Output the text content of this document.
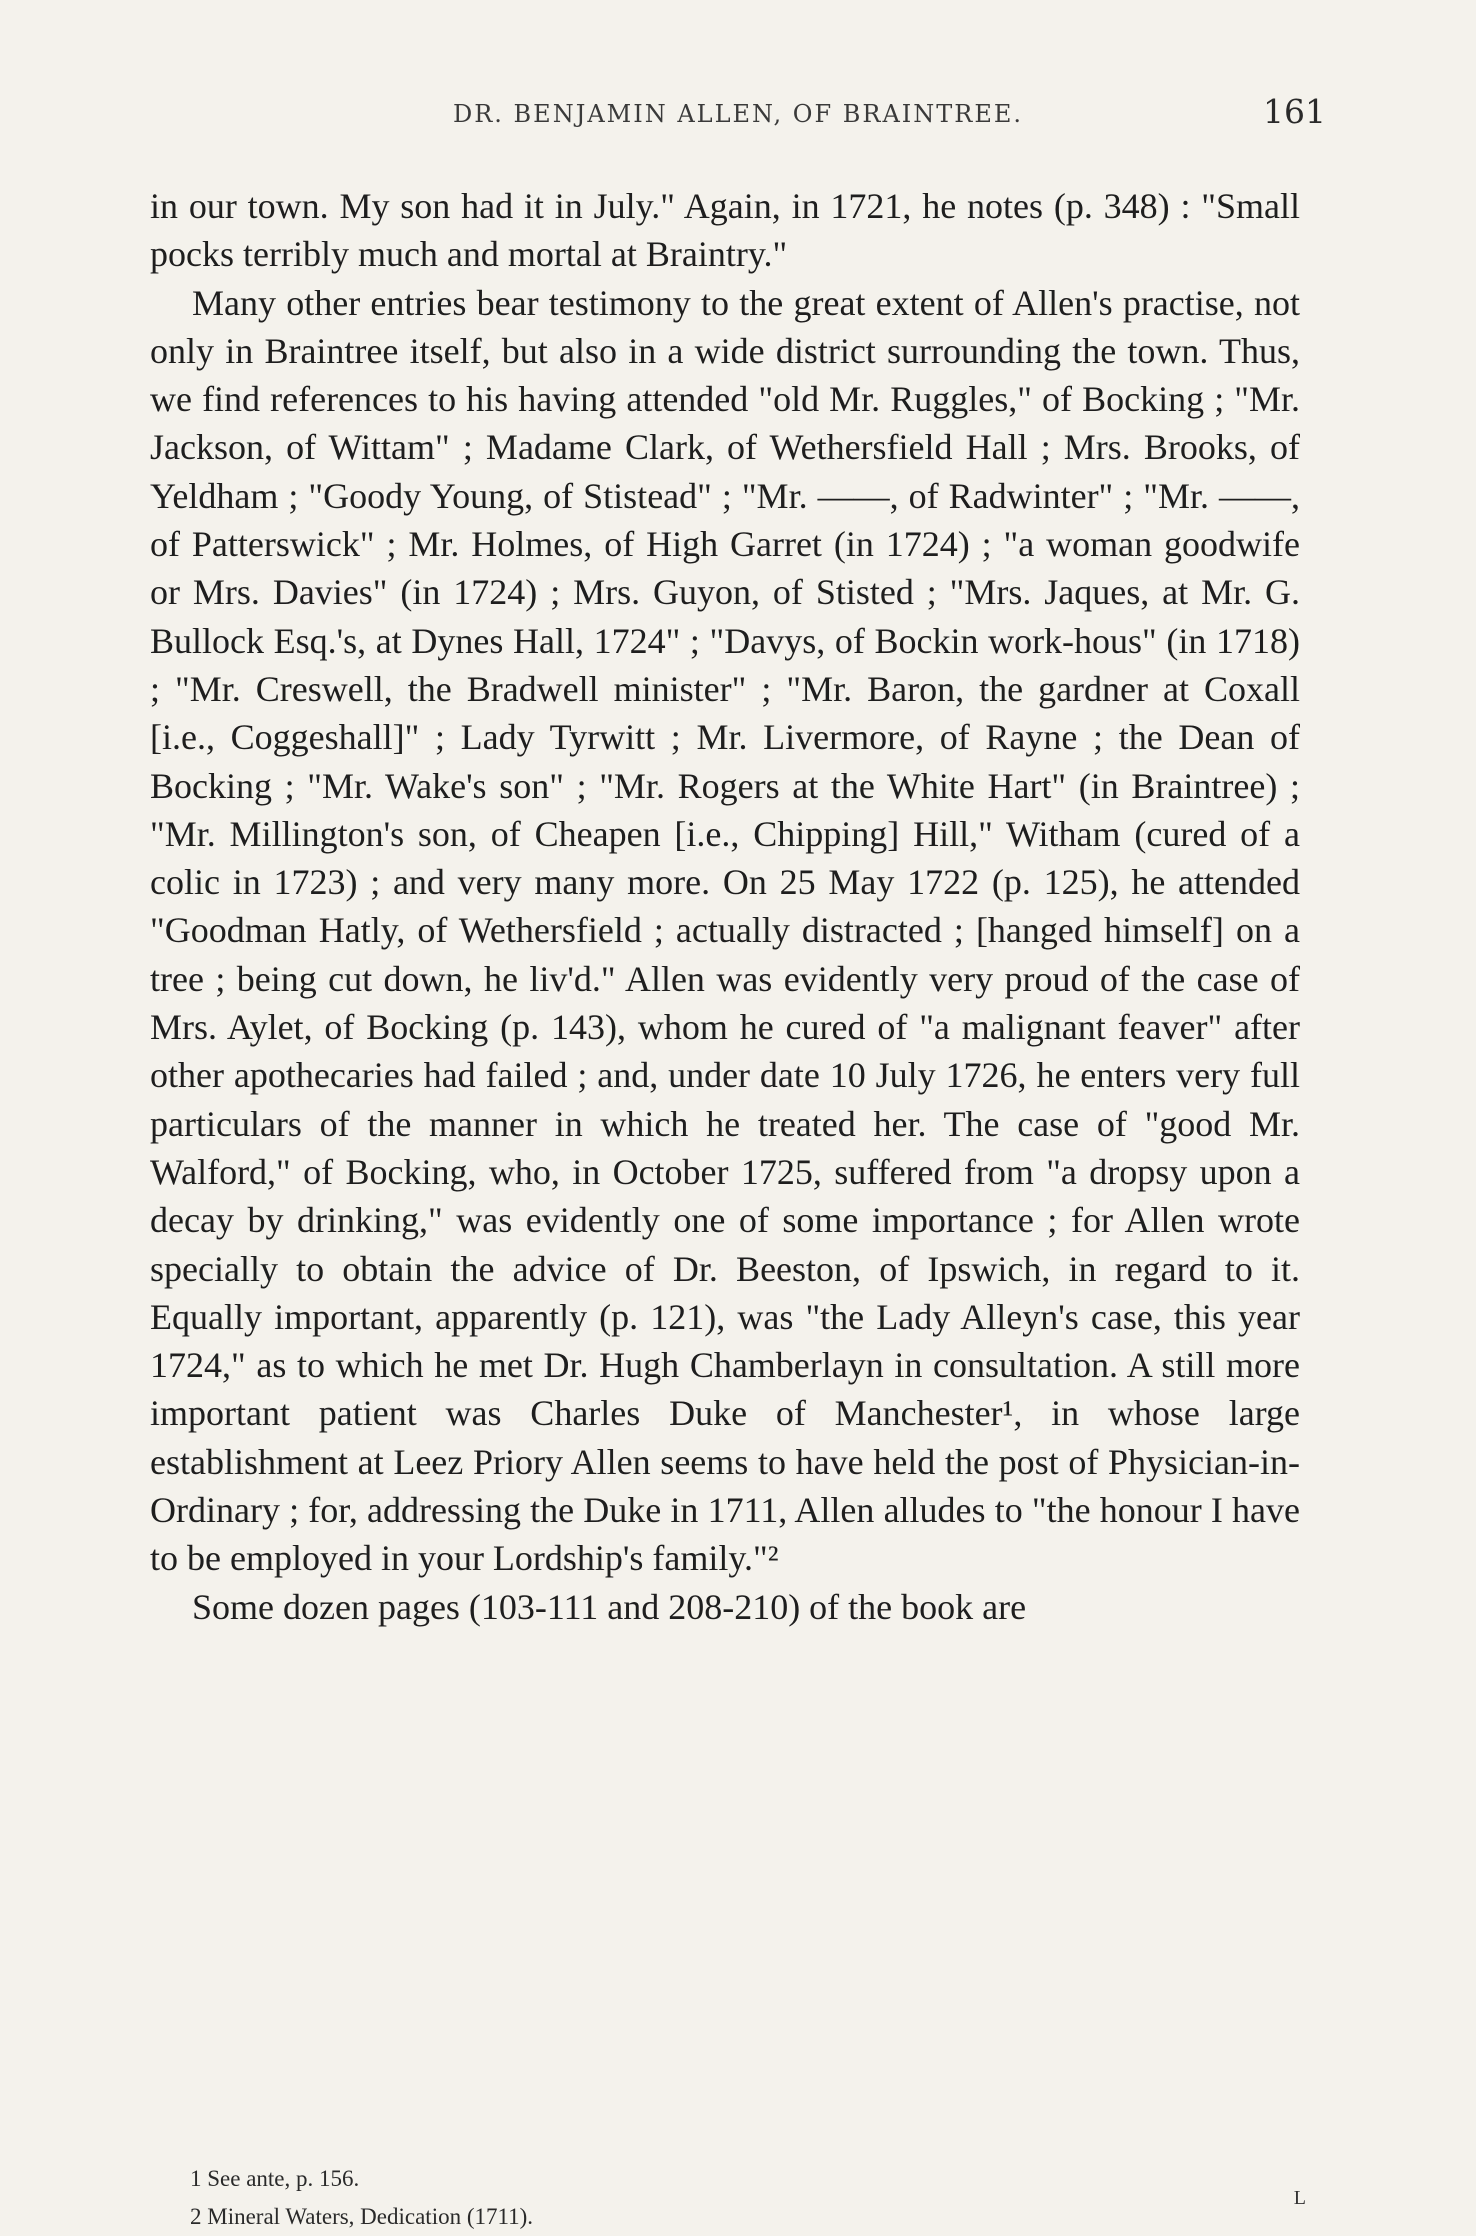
DR. BENJAMIN ALLEN, OF BRAINTREE.	161

in our town. My son had it in July." Again, in 1721, he notes (p. 348) : "Small pocks terribly much and mortal at Braintry."

Many other entries bear testimony to the great extent of Allen's practise, not only in Braintree itself, but also in a wide district surrounding the town. Thus, we find references to his having attended "old Mr. Ruggles," of Bocking ; "Mr. Jackson, of Wittam" ; Madame Clark, of Wethersfield Hall ; Mrs. Brooks, of Yeldham ; "Goody Young, of Stistead" ; "Mr. ——, of Radwinter" ; "Mr. ——, of Patterswick" ; Mr. Holmes, of High Garret (in 1724) ; "a woman goodwife or Mrs. Davies" (in 1724) ; Mrs. Guyon, of Stisted ; "Mrs. Jaques, at Mr. G. Bullock Esq.'s, at Dynes Hall, 1724" ; "Davys, of Bockin work-hous" (in 1718) ; "Mr. Creswell, the Bradwell minister" ; "Mr. Baron, the gardner at Coxall [i.e., Coggeshall]" ; Lady Tyrwitt ; Mr. Livermore, of Rayne ; the Dean of Bocking ; "Mr. Wake's son" ; "Mr. Rogers at the White Hart" (in Braintree) ; "Mr. Millington's son, of Cheapen [i.e., Chipping] Hill," Witham (cured of a colic in 1723) ; and very many more. On 25 May 1722 (p. 125), he attended "Goodman Hatly, of Wethersfield ; actually distracted ; [hanged himself] on a tree ; being cut down, he liv'd." Allen was evidently very proud of the case of Mrs. Aylet, of Bocking (p. 143), whom he cured of "a malignant feaver" after other apothecaries had failed ; and, under date 10 July 1726, he enters very full particulars of the manner in which he treated her. The case of "good Mr. Walford," of Bocking, who, in October 1725, suffered from "a dropsy upon a decay by drinking," was evidently one of some importance ; for Allen wrote specially to obtain the advice of Dr. Beeston, of Ipswich, in regard to it. Equally important, apparently (p. 121), was "the Lady Alleyn's case, this year 1724," as to which he met Dr. Hugh Chamberlayn in consultation. A still more important patient was Charles Duke of Manchester¹, in whose large establishment at Leez Priory Allen seems to have held the post of Physician-in-Ordinary ; for, addressing the Duke in 1711, Allen alludes to "the honour I have to be employed in your Lordship's family."²

Some dozen pages (103-111 and 208-210) of the book are

1 See ante, p. 156.

2 Mineral Waters, Dedication (1711).

L
